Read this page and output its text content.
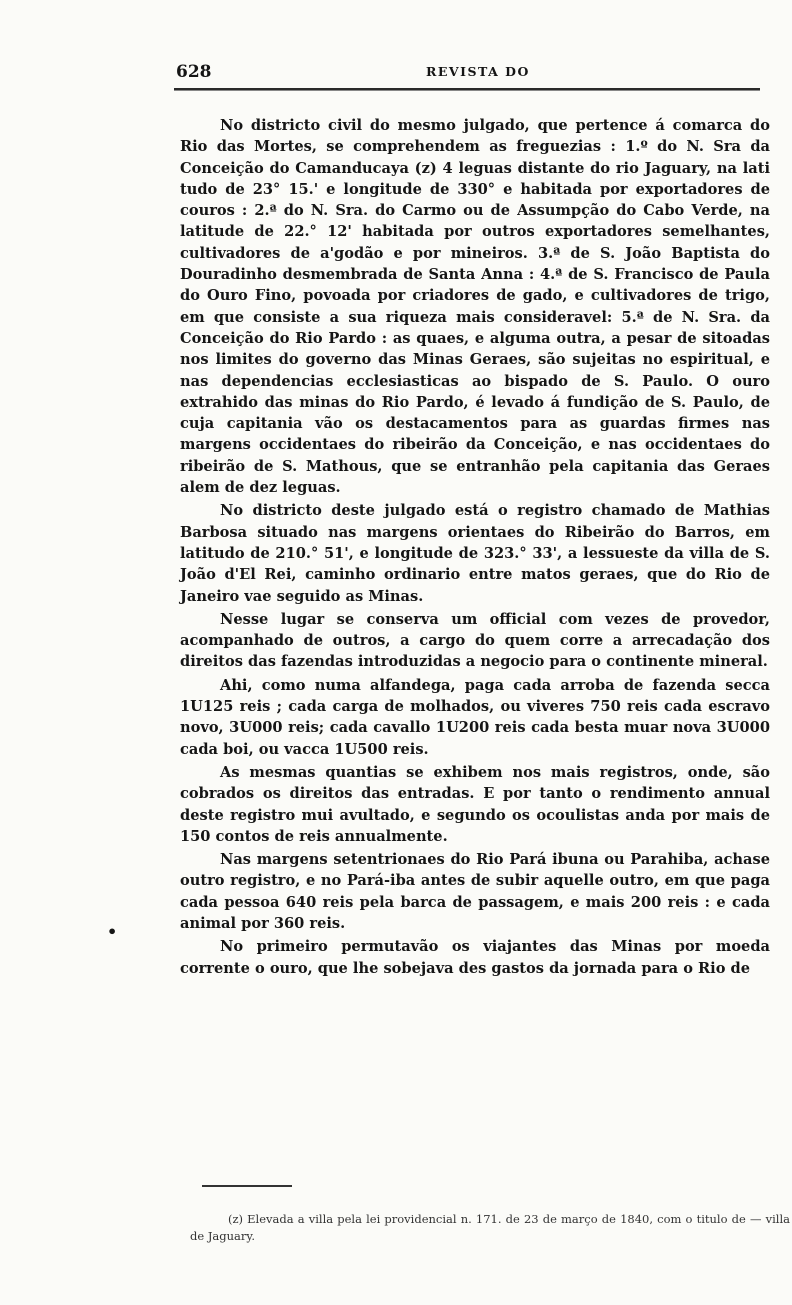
628	REVISTA DO

No districto civil do mesmo julgado, que pertence á comarca do Rio das Mortes, se comprehendem as freguezias : 1.º do N. Sra da Conceição do Camanducaya (z) 4 leguas distante do rio Jaguary, na lati tudo de 23° 15.' e longitude de 330° e habitada por exportadores de couros : 2.ª do N. Sra. do Carmo ou de Assumpção do Cabo Verde, na latitude de 22.° 12' habitada por outros exportadores semelhantes, cultivadores de a'godão e por mineiros. 3.ª de S. João Baptista do Douradinho desmembrada de Santa Anna : 4.ª de S. Francisco de Paula do Ouro Fino, povoada por criadores de gado, e cultivadores de trigo, em que consiste a sua riqueza mais consideravel: 5.ª de N. Sra. da Conceição do Rio Pardo : as quaes, e alguma outra, a pesar de sitoadas nos limites do governo das Minas Geraes, são sujeitas no espiritual, e nas dependencias ecclesiasticas ao bispado de S. Paulo. O ouro extrahido das minas do Rio Pardo, é levado á fundição de S. Paulo, de cuja capitania vão os destacamentos para as guardas firmes nas margens occidentaes do ribeirão da Conceição, e nas occidentaes do ribeirão de S. Mathous, que se entranhão pela capitania das Geraes alem de dez leguas.

No districto deste julgado está o registro chamado de Mathias Barbosa situado nas margens orientaes do Ribeirão do Barros, em latitudo de 210.° 51', e longitude de 323.° 33', a lessueste da villa de S. João d'El Rei, caminho ordinario entre matos geraes, que do Rio de Janeiro vae seguido as Minas.

Nesse lugar se conserva um official com vezes de provedor, acompanhado de outros, a cargo do quem corre a arrecadação dos direitos das fazendas introduzidas a negocio para o continente mineral.

Ahi, como numa alfandega, paga cada arroba de fazenda secca 1U125 reis ; cada carga de molhados, ou viveres 750 reis cada escravo novo, 3U000 reis; cada cavallo 1U200 reis cada besta muar nova 3U000 cada boi, ou vacca 1U500 reis.

As mesmas quantias se exhibem nos mais registros, onde, são cobrados os direitos das entradas. E por tanto o rendimento annual deste registro mui avultado, e segundo os ocoulistas anda por mais de 150 contos de reis annualmente.

Nas margens setentrionaes do Rio Pará ibuna ou Parahiba, achase outro registro, e no Pará-iba antes de subir aquelle outro, em que paga cada pessoa 640 reis pela barca de passagem, e mais 200 reis : e cada animal por 360 reis.

No primeiro permutavão os viajantes das Minas por moeda corrente o ouro, que lhe sobejava des gastos da jornada para o Rio de

•

(z) Elevada a villa pela lei providencial n. 171. de 23 de março de 1840, com o titulo de — villa de Jaguary.
